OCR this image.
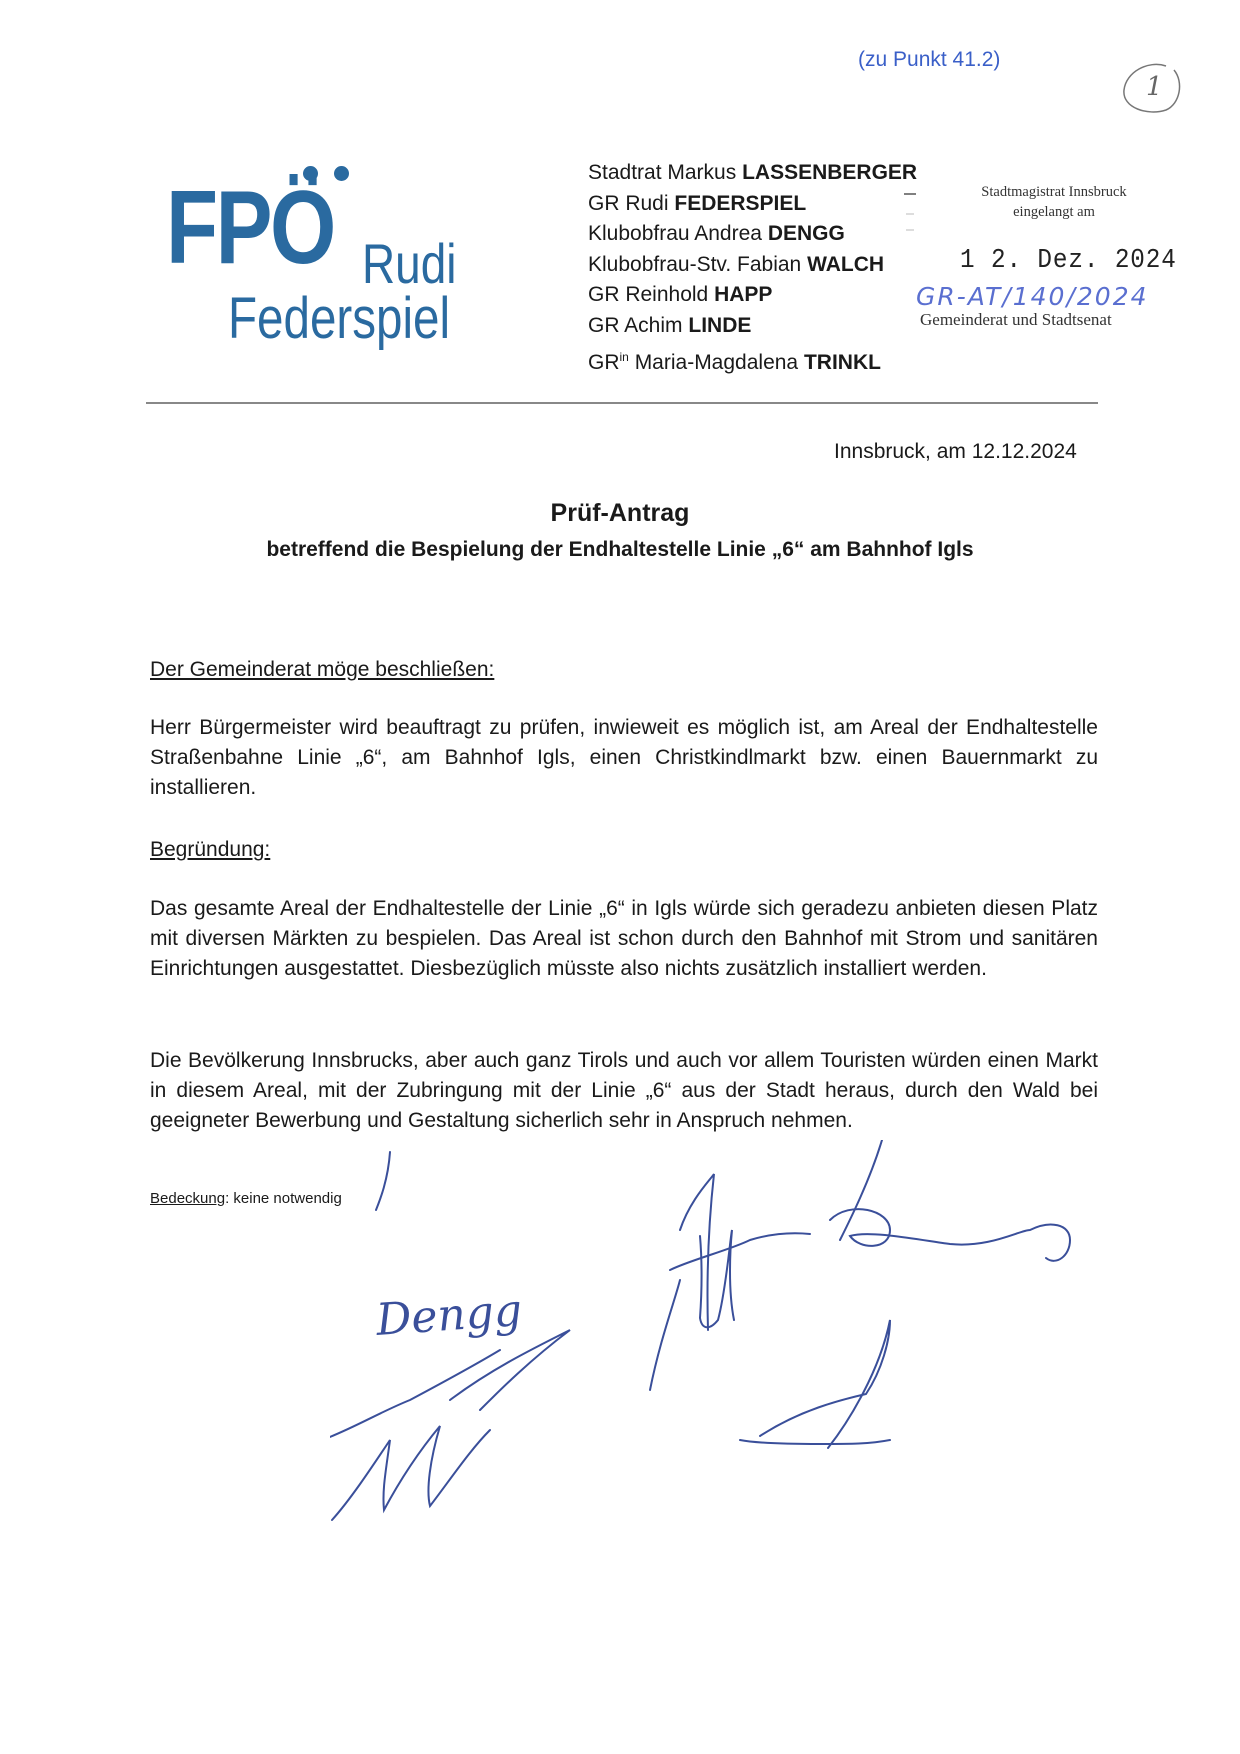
(zu Punkt 41.2)
1
FPÖ Rudi
Federspiel
Stadtrat Markus LASSENBERGER
GR Rudi FEDERSPIEL
Klubobfrau Andrea DENGG
Klubobfrau-Stv. Fabian WALCH
GR Reinhold HAPP
GR Achim LINDE
$GR^{in}$ Maria-Magdalena TRINKL
Stadtmagistrat Innsbruck
eingelangt am
1 2. Dez. 2024
GR-AT/140/2024
Gemeinderat und Stadtsenat
Innsbruck, am 12.12.2024
Prüf-Antrag
betreffend die Bespielung der Endhaltestelle Linie „6“ am Bahnhof Igls
Der Gemeinderat möge beschließen:
Herr Bürgermeister wird beauftragt zu prüfen, inwieweit es möglich ist, am Areal der Endhaltestelle Straßenbahne Linie „6“, am Bahnhof Igls, einen Christkindlmarkt bzw. einen Bauernmarkt zu installieren.
Begründung:
Das gesamte Areal der Endhaltestelle der Linie „6“ in Igls würde sich geradezu anbieten diesen Platz mit diversen Märkten zu bespielen. Das Areal ist schon durch den Bahnhof mit Strom und sanitären Einrichtungen ausgestattet. Diesbezüglich müsste also nichts zusätzlich installiert werden.
Die Bevölkerung Innsbrucks, aber auch ganz Tirols und auch vor allem Touristen würden einen Markt in diesem Areal, mit der Zubringung mit der Linie „6“ aus der Stadt heraus, durch den Wald bei geeigneter Bewerbung und Gestaltung sicherlich sehr in Anspruch nehmen.
Bedeckung: keine notwendig
Dengg
